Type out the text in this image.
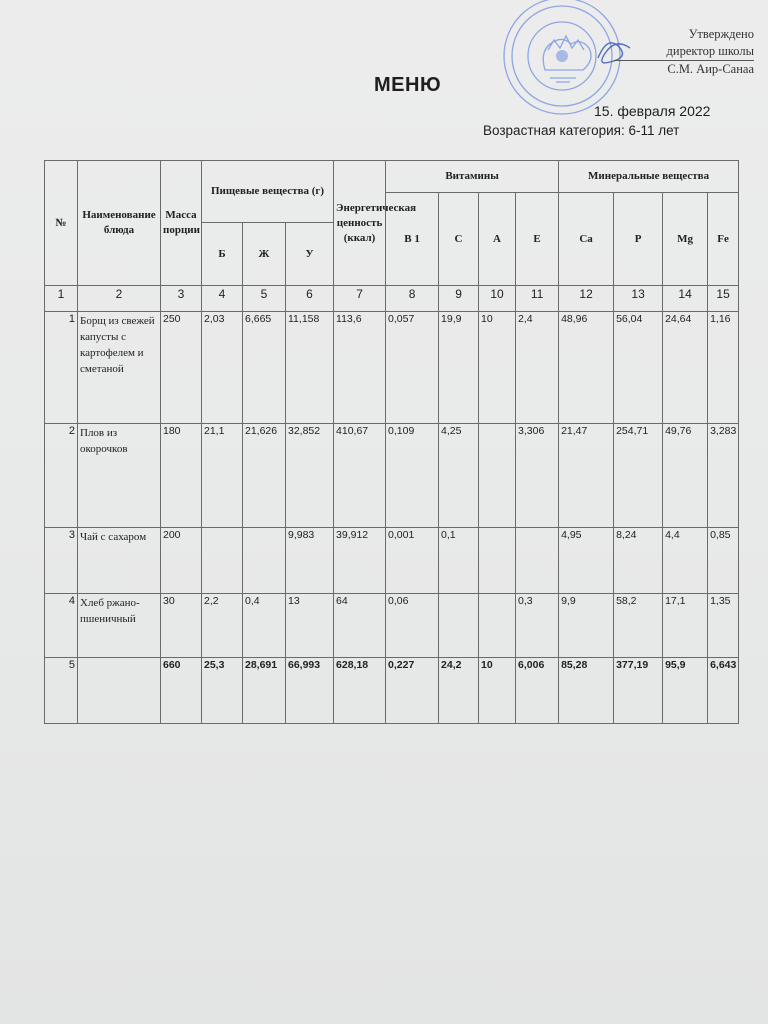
Утверждено
директор школы
С.М. Аир-Санаа
МЕНЮ
15. февраля 2022
Возрастная категория: 6-11 лет
№	Наименование блюда	Масса порции	Пищевые вещества (г)			Энергетическая ценность (ккал)	Витамины				Минеральные вещества			
							В 1	С	А	Е	Са	Р	Mg	Fe
			Б	Ж	У									
1	2	3	4	5	6	7	8	9	10	11	12	13	14	15
1	Борщ из свежей капусты с картофелем и сметаной	250	2,03	6,665	11,158	113,6	0,057	19,9	10	2,4	48,96	56,04	24,64	1,16
2	Плов из окорочков	180	21,1	21,626	32,852	410,67	0,109	4,25		3,306	21,47	254,71	49,76	3,283
3	Чай с сахаром	200			9,983	39,912	0,001	0,1			4,95	8,24	4,4	0,85
4	Хлеб ржано-пшеничный	30	2,2	0,4	13	64	0,06			0,3	9,9	58,2	17,1	1,35
5		660	25,3	28,691	66,993	628,18	0,227	24,2	10	6,006	85,28	377,19	95,9	6,643
